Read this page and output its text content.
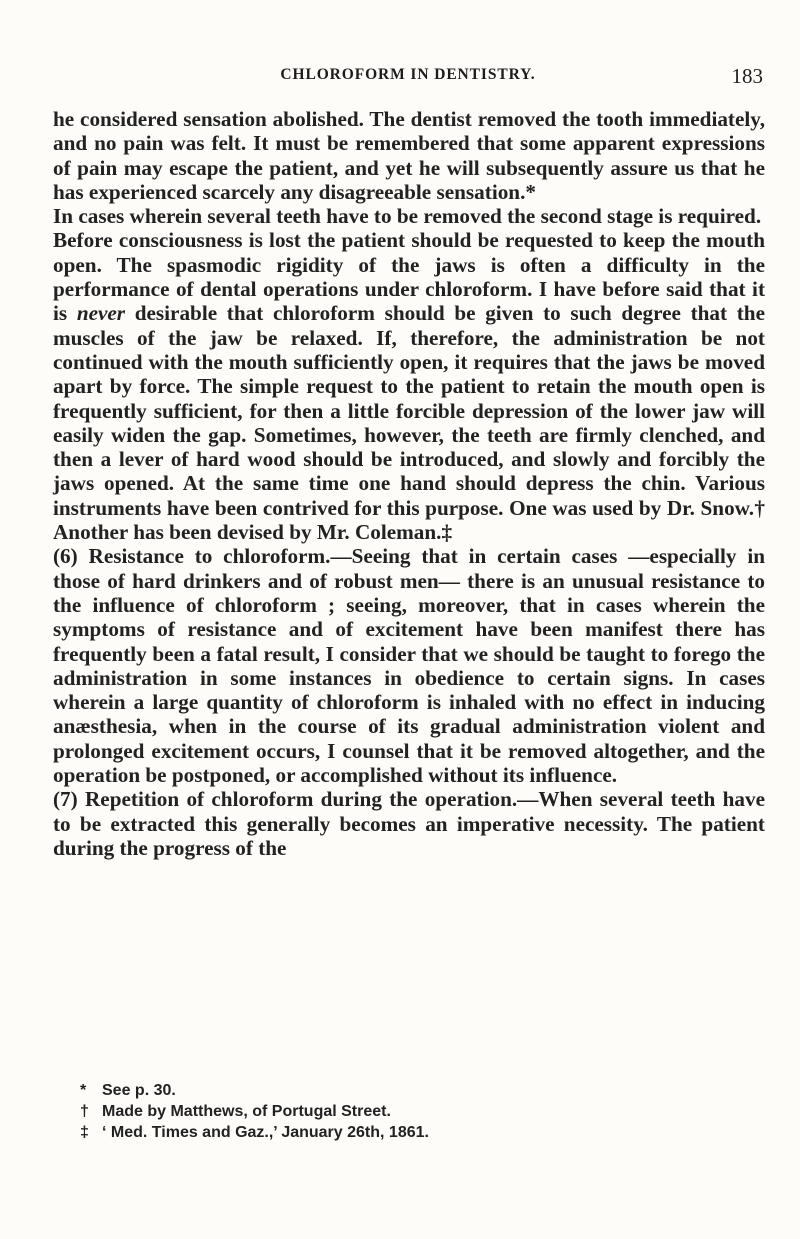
CHLOROFORM IN DENTISTRY.	183

he considered sensation abolished. The dentist removed the tooth immediately, and no pain was felt. It must be remembered that some apparent expressions of pain may escape the patient, and yet he will subsequently assure us that he has experienced scarcely any disagreeable sensation.*

In cases wherein several teeth have to be removed the second stage is required.

Before consciousness is lost the patient should be requested to keep the mouth open. The spasmodic rigidity of the jaws is often a difficulty in the performance of dental operations under chloroform. I have before said that it is never desirable that chloroform should be given to such degree that the muscles of the jaw be relaxed. If, therefore, the administration be not continued with the mouth sufficiently open, it requires that the jaws be moved apart by force. The simple request to the patient to retain the mouth open is frequently sufficient, for then a little forcible depression of the lower jaw will easily widen the gap. Sometimes, however, the teeth are firmly clenched, and then a lever of hard wood should be introduced, and slowly and forcibly the jaws opened. At the same time one hand should depress the chin. Various instruments have been contrived for this purpose. One was used by Dr. Snow.† Another has been devised by Mr. Coleman.‡

(6) Resistance to chloroform.—Seeing that in certain cases —especially in those of hard drinkers and of robust men— there is an unusual resistance to the influence of chloroform ; seeing, moreover, that in cases wherein the symptoms of resistance and of excitement have been manifest there has frequently been a fatal result, I consider that we should be taught to forego the administration in some instances in obedience to certain signs. In cases wherein a large quantity of chloroform is inhaled with no effect in inducing anæsthesia, when in the course of its gradual administration violent and prolonged excitement occurs, I counsel that it be removed altogether, and the operation be postponed, or accomplished without its influence.

(7) Repetition of chloroform during the operation.—When several teeth have to be extracted this generally becomes an imperative necessity. The patient during the progress of the

* See p. 30.
† Made by Matthews, of Portugal Street.
‡ ‘ Med. Times and Gaz.,’ January 26th, 1861.
